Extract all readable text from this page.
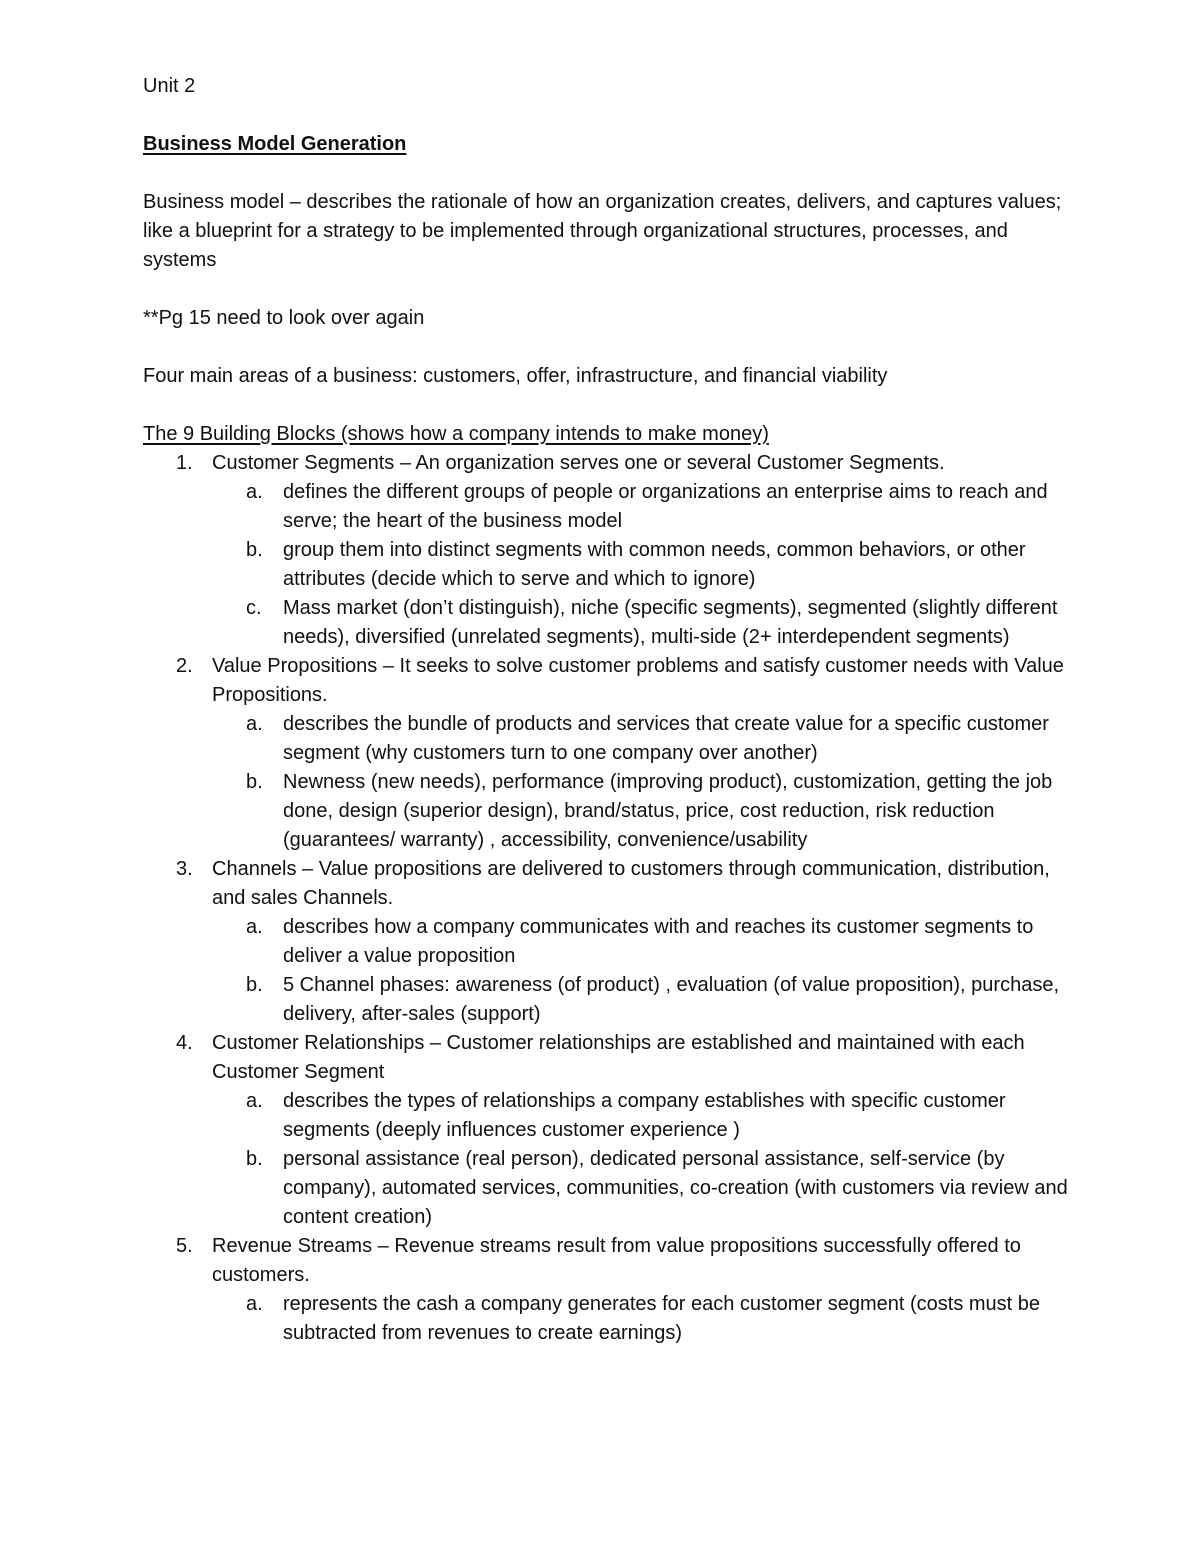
Unit 2

Business Model Generation

Business model – describes the rationale of how an organization creates, delivers, and captures values; like a blueprint for a strategy to be implemented through organizational structures, processes, and systems

**Pg 15 need to look over again

Four main areas of a business: customers, offer, infrastructure, and financial viability

The 9 Building Blocks (shows how a company intends to make money)

1. Customer Segments – An organization serves one or several Customer Segments.
a. defines the different groups of people or organizations an enterprise aims to reach and serve; the heart of the business model
b. group them into distinct segments with common needs, common behaviors, or other attributes (decide which to serve and which to ignore)
c. Mass market (don’t distinguish), niche (specific segments), segmented (slightly different needs), diversified (unrelated segments), multi-side (2+ interdependent segments)
2. Value Propositions – It seeks to solve customer problems and satisfy customer needs with Value Propositions.
a. describes the bundle of products and services that create value for a specific customer segment (why customers turn to one company over another)
b. Newness (new needs), performance (improving product), customization, getting the job done, design (superior design), brand/status, price, cost reduction, risk reduction (guarantees/ warranty) , accessibility, convenience/usability
3. Channels – Value propositions are delivered to customers through communication, distribution, and sales Channels.
a. describes how a company communicates with and reaches its customer segments to deliver a value proposition
b. 5 Channel phases: awareness (of product) , evaluation (of value proposition), purchase, delivery, after-sales (support)
4. Customer Relationships – Customer relationships are established and maintained with each Customer Segment
a. describes the types of relationships a company establishes with specific customer segments (deeply influences customer experience )
b. personal assistance (real person), dedicated personal assistance, self-service (by company), automated services, communities, co-creation (with customers via review and content creation)
5. Revenue Streams – Revenue streams result from value propositions successfully offered to customers.
a. represents the cash a company generates for each customer segment (costs must be subtracted from revenues to create earnings)
